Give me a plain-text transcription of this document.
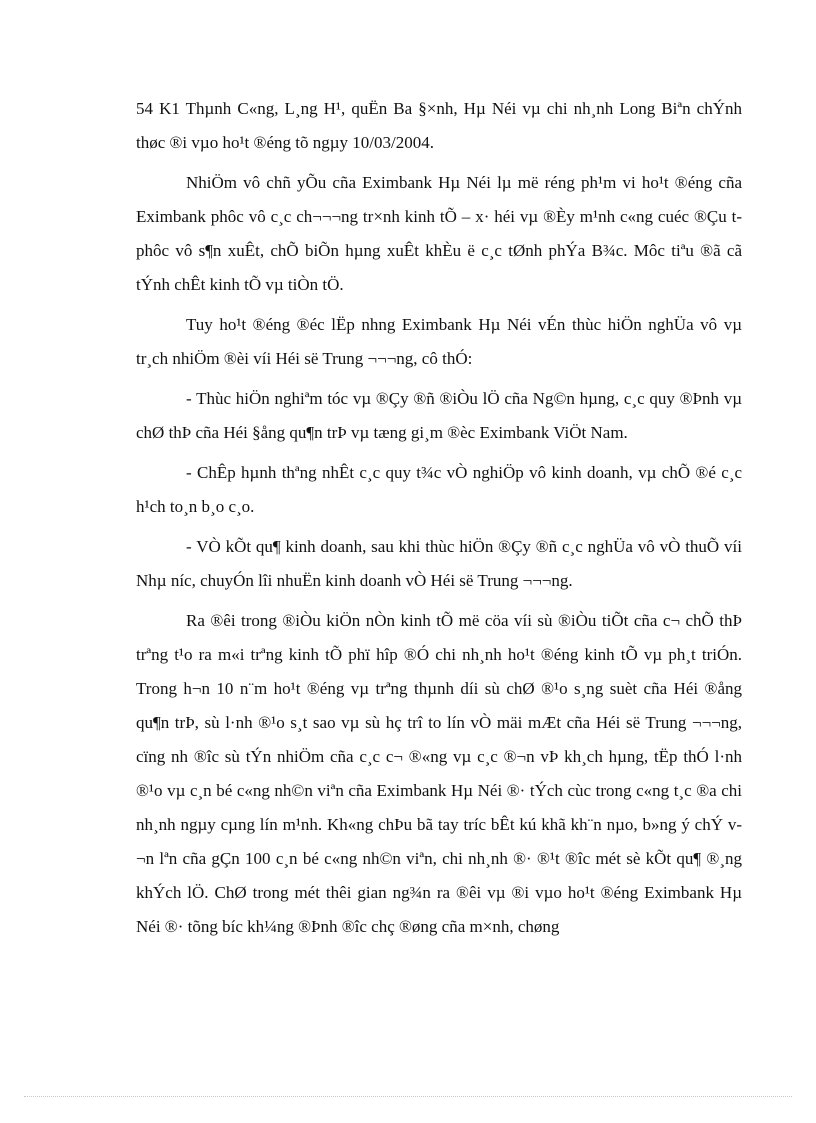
54 K1 Thµnh C«ng, L¸ng H¹, quËn Ba §×nh, Hµ Néi vµ chi nh¸nh Long Biªn chÝnh thøc ®i vµo ho¹t ®éng tõ ngµy 10/03/2004.

NhiÖm vô chñ yÕu cña Eximbank Hµ Néi lµ më réng ph¹m vi ho¹t ®éng cña Eximbank phôc vô c¸c ch¬¬¬ng tr×nh kinh tÕ – x· héi vµ ®Èy m¹nh c«ng cuéc ®Çu t phôc vô s¶n xuÊt, chÕ biÕn hµng xuÊt khÈu ë c¸c tØnh phÝa B¾c. Môc tiªu ®ã cã tÝnh chÊt kinh tÕ vµ tiÒn tÖ.

Tuy ho¹t ®éng ®éc lËp nhng Eximbank Hµ Néi vÉn thùc hiÖn nghÜa vô vµ tr¸ch nhiÖm ®èi víi Héi së Trung ¬¬¬ng, cô thÓ:

- Thùc hiÖn nghiªm tóc vµ ®Çy ®ñ ®iÒu lÖ cña Ng©n hµng, c¸c quy ®Þnh vµ chØ thÞ cña Héi §ång qu¶n trÞ vµ tæng gi¸m ®èc Eximbank ViÖt Nam.

- ChÊp hµnh thªng nhÊt c¸c quy t¾c vÒ nghiÖp vô kinh doanh, vµ chÕ ®é c¸c h¹ch to¸n b¸o c¸o.

- VÒ kÕt qu¶ kinh doanh, sau khi thùc hiÖn ®Çy ®ñ c¸c nghÜa vô vÒ thuÕ víi Nhµ níc, chuyÓn lîi nhuËn kinh doanh vÒ Héi së Trung ¬¬¬ng.

Ra ®êi trong ®iÒu kiÖn nÒn kinh tÕ më cöa víi sù ®iÒu tiÕt cña c¬ chÕ thÞ trªng t¹o ra m«i trªng kinh tÕ phï hîp ®Ó chi nh¸nh ho¹t ®éng kinh tÕ vµ ph¸t triÓn. Trong h¬n 10 n¨m ho¹t ®éng vµ trªng thµnh díi sù chØ ®¹o s¸ng suèt cña Héi ®ång qu¶n trÞ, sù l·nh ®¹o s¸t sao vµ sù hç trî to lín vÒ mäi mÆt cña Héi së Trung ¬¬¬ng, cïng nh ®îc sù tÝn nhiÖm cña c¸c c¬ ®«ng vµ c¸c ®¬n vÞ kh¸ch hµng, tËp thÓ l·nh ®¹o vµ c¸n bé c«ng nh©n viªn cña Eximbank Hµ Néi ®· tÝch cùc trong c«ng t¸c ®a chi nh¸nh ngµy cµng lín m¹nh. Kh«ng chÞu bã tay tríc bÊt kú khã kh¨n nµo, b»ng ý chÝ v¬n lªn cña gÇn 100 c¸n bé c«ng nh©n viªn, chi nh¸nh ®· ®¹t ®îc mét sè kÕt qu¶ ®¸ng khÝch lÖ. ChØ trong mét thêi gian ng¾n ra ®êi vµ ®i vµo ho¹t ®éng Eximbank Hµ Néi ®· tõng bíc kh¼ng ®Þnh ®îc chç ®øng cña m×nh, chøng
